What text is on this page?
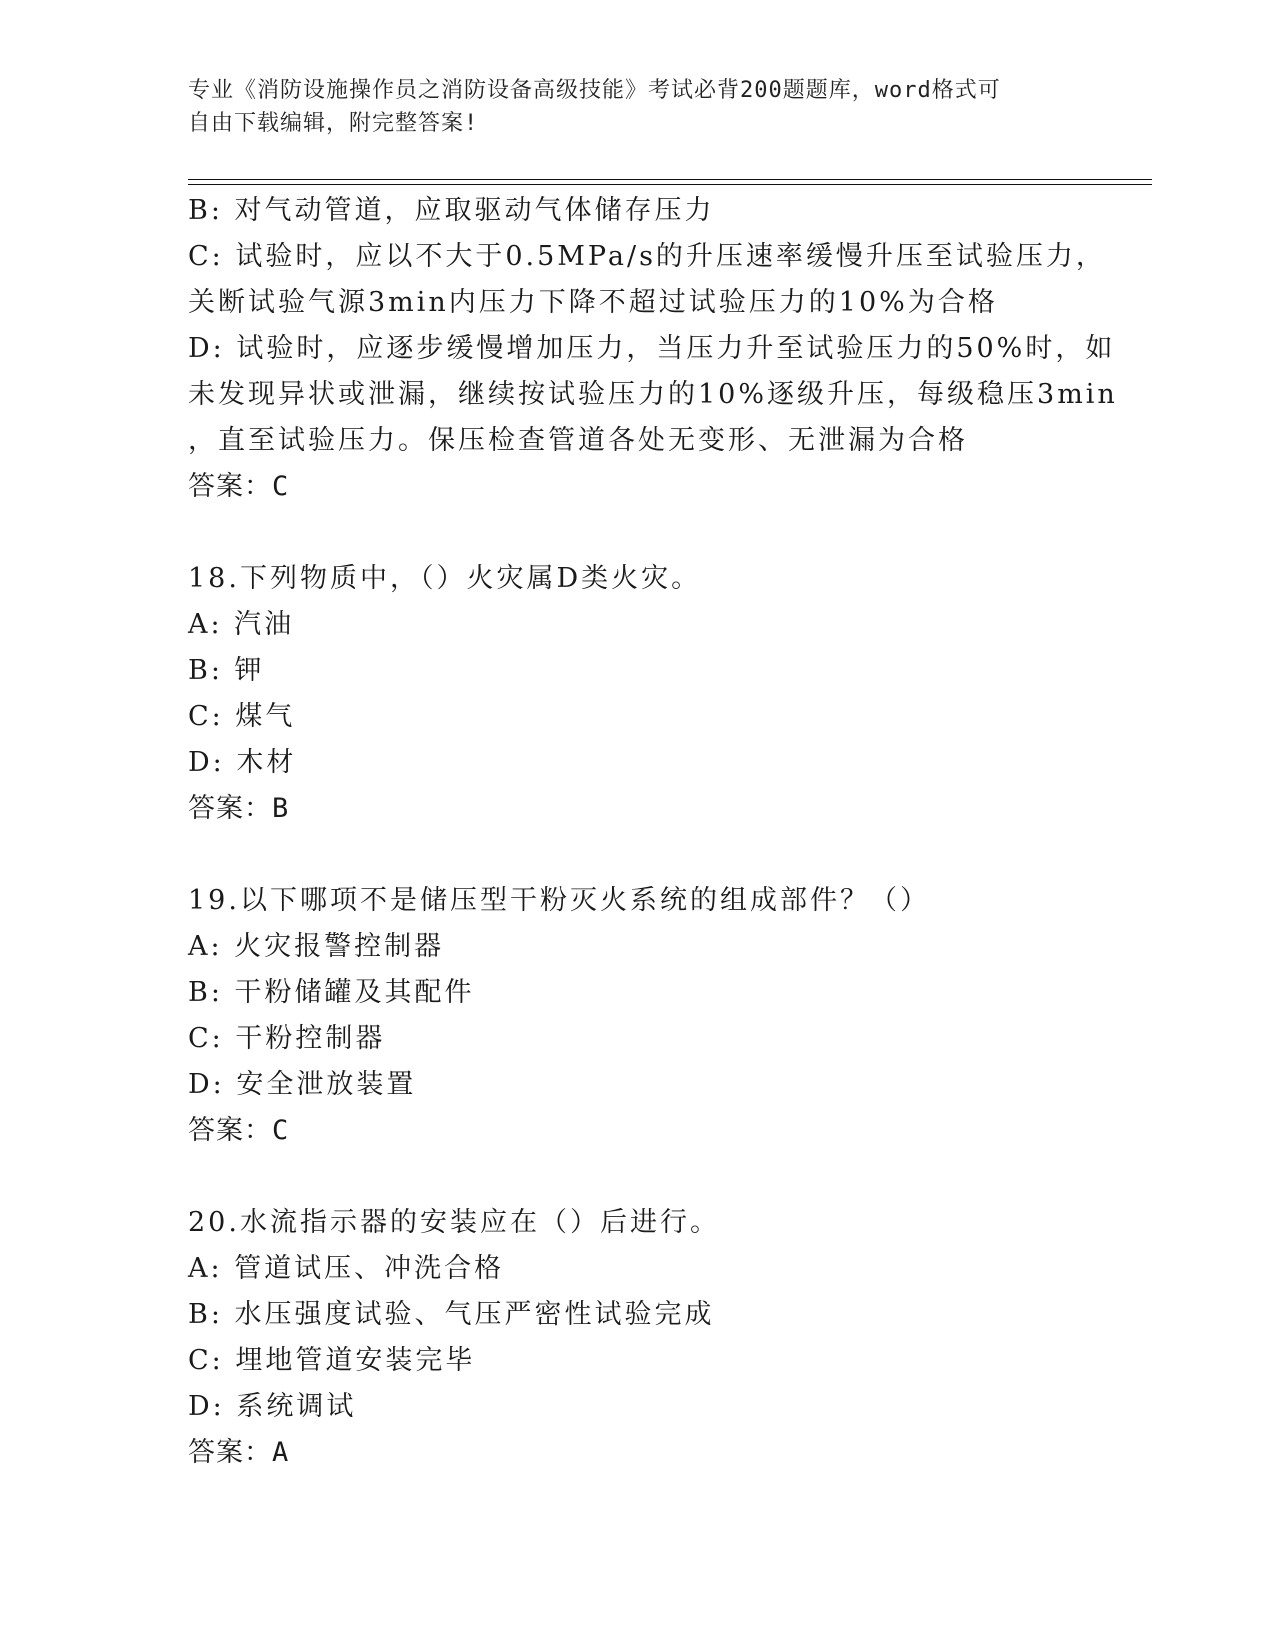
专业《消防设施操作员之消防设备高级技能》考试必背200题题库，word格式可
自由下载编辑，附完整答案!
B: 对气动管道，应取驱动气体储存压力
C: 试验时，应以不大于0.5MPa/s的升压速率缓慢升压至试验压力，
关断试验气源3min内压力下降不超过试验压力的10%为合格
D: 试验时，应逐步缓慢增加压力，当压力升至试验压力的50%时，如
未发现异状或泄漏，继续按试验压力的10%逐级升压，每级稳压3min
，直至试验压力。保压检查管道各处无变形、无泄漏为合格
答案：C
18.下列物质中，（）火灾属D类火灾。
A: 汽油
B: 钾
C: 煤气
D: 木材
答案：B
19.以下哪项不是储压型干粉灭火系统的组成部件？（）
A: 火灾报警控制器
B: 干粉储罐及其配件
C: 干粉控制器
D: 安全泄放装置
答案：C
20.水流指示器的安装应在（）后进行。
A: 管道试压、冲洗合格
B: 水压强度试验、气压严密性试验完成
C: 埋地管道安装完毕
D: 系统调试
答案：A
